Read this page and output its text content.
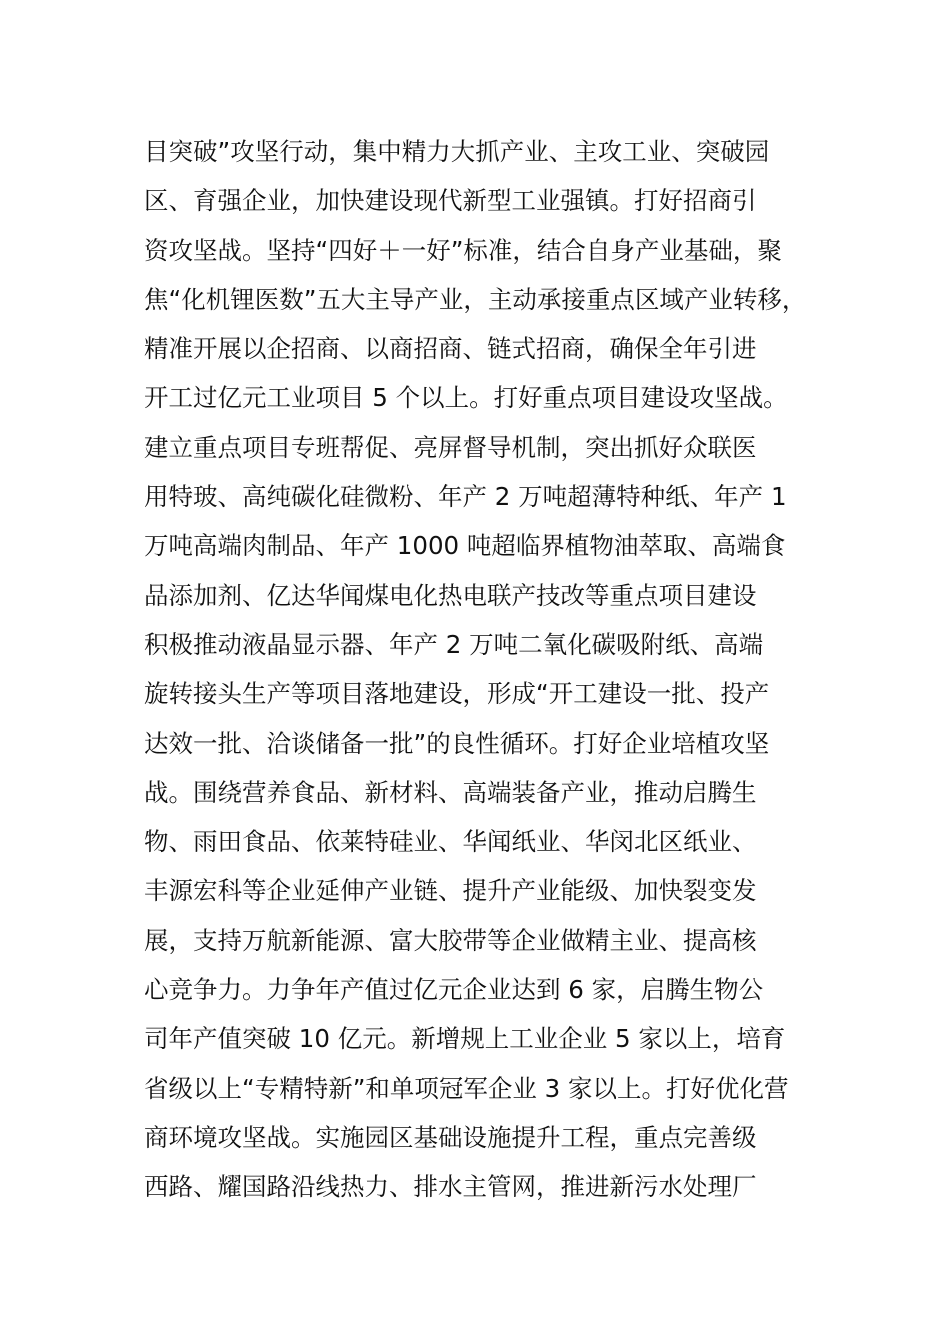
目突破”攻坚行动，集中精力大抓产业、主攻工业、突破园
区、育强企业，加快建设现代新型工业强镇。打好招商引
资攻坚战。坚持“四好＋一好”标准，结合自身产业基础，聚
焦“化机锂医数”五大主导产业，主动承接重点区域产业转移，
精准开展以企招商、以商招商、链式招商，确保全年引进
开工过亿元工业项目 5 个以上。打好重点项目建设攻坚战。
建立重点项目专班帮促、亮屏督导机制，突出抓好众联医
用特玻、高纯碳化硅微粉、年产 2 万吨超薄特种纸、年产 1
万吨高端肉制品、年产 1000 吨超临界植物油萃取、高端食
品添加剂、亿达华闻煤电化热电联产技改等重点项目建设
积极推动液晶显示器、年产 2 万吨二氧化碳吸附纸、高端
旋转接头生产等项目落地建设，形成“开工建设一批、投产
达效一批、洽谈储备一批”的良性循环。打好企业培植攻坚
战。围绕营养食品、新材料、高端装备产业，推动启腾生
物、雨田食品、依莱特硅业、华闻纸业、华闵北区纸业、
丰源宏科等企业延伸产业链、提升产业能级、加快裂变发
展，支持万航新能源、富大胶带等企业做精主业、提高核
心竞争力。力争年产值过亿元企业达到 6 家，启腾生物公
司年产值突破 10 亿元。新增规上工业企业 5 家以上，培育
省级以上“专精特新”和单项冠军企业 3 家以上。打好优化营
商环境攻坚战。实施园区基础设施提升工程，重点完善级
西路、耀国路沿线热力、排水主管网，推进新污水处理厂
